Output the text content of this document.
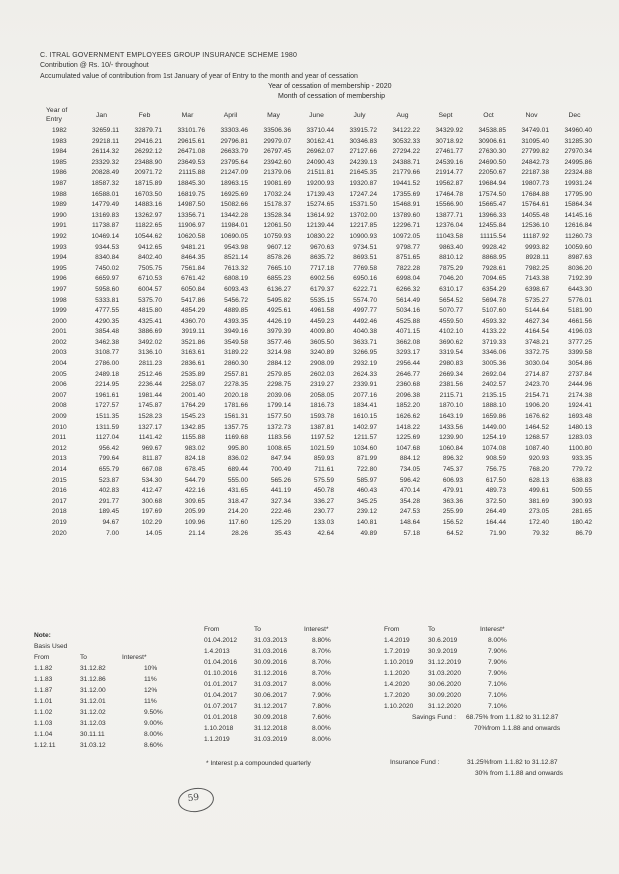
C. ITRAL GOVERNMENT EMPLOYEES GROUP INSURANCE SCHEME 1980
Contribution @ Rs. 10/- throughout
Accumulated value of contribution from 1st January of year of Entry to the month and year of cessation
Year of cessation of membership - 2020
Month of cessation of membership
Year of
Entry	Jan	Feb	Mar	April	May	June	July	Aug	Sept	Oct	Nov	Dec
1982	32659.11	32879.71	33101.76	33303.46	33506.36	33710.44	33915.72	34122.22	34329.92	34538.85	34749.01	34960.40
1983	29218.11	29416.21	29615.61	29796.81	29979.07	30162.41	30346.83	30532.33	30718.92	30906.61	31095.40	31285.30
1984	26114.32	26292.12	26471.08	26633.79	26797.45	26962.07	27127.66	27294.22	27461.77	27630.30	27799.82	27970.34
1985	23329.32	23488.90	23649.53	23795.64	23942.60	24090.43	24239.13	24388.71	24539.16	24690.50	24842.73	24995.86
1986	20828.49	20971.72	21115.88	21247.09	21379.06	21511.81	21645.35	21779.66	21914.77	22050.67	22187.38	22324.88
1987	18587.32	18715.89	18845.30	18963.15	19081.69	19200.93	19320.87	19441.52	19562.87	19684.94	19807.73	19931.24
1988	16588.01	16703.50	16819.75	16925.69	17032.24	17139.43	17247.24	17355.69	17464.78	17574.50	17684.88	17795.90
1989	14779.49	14883.16	14987.50	15082.66	15178.37	15274.65	15371.50	15468.91	15566.90	15665.47	15764.61	15864.34
1990	13169.83	13262.97	13356.71	13442.28	13528.34	13614.92	13702.00	13789.60	13877.71	13966.33	14055.48	14145.16
1991	11738.87	11822.65	11906.97	11984.01	12061.50	12139.44	12217.85	12296.71	12376.04	12455.84	12536.10	12616.84
1992	10469.14	10544.62	10620.58	10690.05	10759.93	10830.22	10900.93	10972.05	11043.58	11115.54	11187.92	11260.73
1993	9344.53	9412.65	9481.21	9543.98	9607.12	9670.63	9734.51	9798.77	9863.40	9928.42	9993.82	10059.60
1994	8340.84	8402.40	8464.35	8521.14	8578.26	8635.72	8693.51	8751.65	8810.12	8868.95	8928.11	8987.63
1995	7450.02	7505.75	7561.84	7613.32	7665.10	7717.18	7769.58	7822.28	7875.29	7928.61	7982.25	8036.20
1996	6659.97	6710.53	6761.42	6808.19	6855.23	6902.56	6950.16	6998.04	7046.20	7094.65	7143.38	7192.39
1997	5958.60	6004.57	6050.84	6093.43	6136.27	6179.37	6222.71	6266.32	6310.17	6354.29	6398.67	6443.30
1998	5333.81	5375.70	5417.86	5456.72	5495.82	5535.15	5574.70	5614.49	5654.52	5694.78	5735.27	5776.01
1999	4777.55	4815.80	4854.29	4889.85	4925.61	4961.58	4997.77	5034.16	5070.77	5107.60	5144.64	5181.90
2000	4290.35	4325.41	4360.70	4393.35	4426.19	4459.23	4492.46	4525.88	4559.50	4593.32	4627.34	4661.56
2001	3854.48	3886.69	3919.11	3949.16	3979.39	4009.80	4040.38	4071.15	4102.10	4133.22	4164.54	4196.03
2002	3462.38	3492.02	3521.86	3549.58	3577.46	3605.50	3633.71	3662.08	3690.62	3719.33	3748.21	3777.25
2003	3108.77	3136.10	3163.61	3189.22	3214.98	3240.89	3266.95	3293.17	3319.54	3346.06	3372.75	3399.58
2004	2786.00	2811.23	2836.61	2860.30	2884.12	2908.09	2932.19	2956.44	2980.83	3005.36	3030.04	3054.86
2005	2489.18	2512.46	2535.89	2557.81	2579.85	2602.03	2624.33	2646.77	2669.34	2692.04	2714.87	2737.84
2006	2214.95	2236.44	2258.07	2278.35	2298.75	2319.27	2339.91	2360.68	2381.56	2402.57	2423.70	2444.96
2007	1961.61	1981.44	2001.40	2020.18	2039.06	2058.05	2077.16	2096.38	2115.71	2135.15	2154.71	2174.38
2008	1727.57	1745.87	1764.29	1781.66	1799.14	1816.73	1834.41	1852.20	1870.10	1888.10	1906.20	1924.41
2009	1511.35	1528.23	1545.23	1561.31	1577.50	1593.78	1610.15	1626.62	1643.19	1659.86	1676.62	1693.48
2010	1311.59	1327.17	1342.85	1357.75	1372.73	1387.81	1402.97	1418.22	1433.56	1449.00	1464.52	1480.13
2011	1127.04	1141.42	1155.88	1169.68	1183.56	1197.52	1211.57	1225.69	1239.90	1254.19	1268.57	1283.03
2012	956.42	969.67	983.02	995.80	1008.65	1021.59	1034.60	1047.68	1060.84	1074.08	1087.40	1100.80
2013	799.64	811.87	824.18	836.02	847.94	859.93	871.99	884.12	896.32	908.59	920.93	933.35
2014	655.79	667.08	678.45	689.44	700.49	711.61	722.80	734.05	745.37	756.75	768.20	779.72
2015	523.87	534.30	544.79	555.00	565.26	575.59	585.97	596.42	606.93	617.50	628.13	638.83
2016	402.83	412.47	422.16	431.65	441.19	450.78	460.43	470.14	479.91	489.73	499.61	509.55
2017	291.77	300.68	309.65	318.47	327.34	336.27	345.25	354.28	363.36	372.50	381.69	390.93
2018	189.45	197.69	205.99	214.20	222.46	230.77	239.12	247.53	255.99	264.49	273.05	281.65
2019	94.67	102.29	109.96	117.60	125.29	133.03	140.81	148.64	156.52	164.44	172.40	180.42
2020	7.00	14.05	21.14	28.26	35.43	42.64	49.89	57.18	64.52	71.90	79.32	86.79
Note:
Basis Used
From	To	Interest*
1.1.82	31.12.82	10%
1.1.83	31.12.86	11%
1.1.87	31.12.00	12%
1.1.01	31.12.01	11%
1.1.02	31.12.02	9.50%
1.1.03	31.12.03	9.00%
1.1.04	30.11.11	8.00%
1.12.11	31.03.12	8.60%
From	To	Interest*
01.04.2012	31.03.2013	8.80%
1.4.2013	31.03.2016	8.70%
01.04.2016	30.09.2016	8.70%
01.10.2016	31.12.2016	8.70%
01.01.2017	31.03.2017	8.00%
01.04.2017	30.06.2017	7.90%
01.07.2017	31.12.2017	7.80%
01.01.2018	30.09.2018	7.60%
1.10.2018	31.12.2018	8.00%
1.1.2019	31.03.2019	8.00%
* Interest p.a compounded quarterly
From	To	Interest*
1.4.2019	30.6.2019	8.00%
1.7.2019	30.9.2019	7.90%
1.10.2019 31.12.2019	7.90%
1.1.2020	31.03.2020	7.90%
1.4.2020	30.06.2020	7.10%
1.7.2020	30.09.2020	7.10%
1.10.2020 31.12.2020	7.10%
Savings Fund : 68.75% from 1.1.82 to 31.12.87
70%from 1.1.88 and onwards
Insurance Fund :	31.25%from 1.1.82 to 31.12.87
30% from 1.1.88 and onwards
59
